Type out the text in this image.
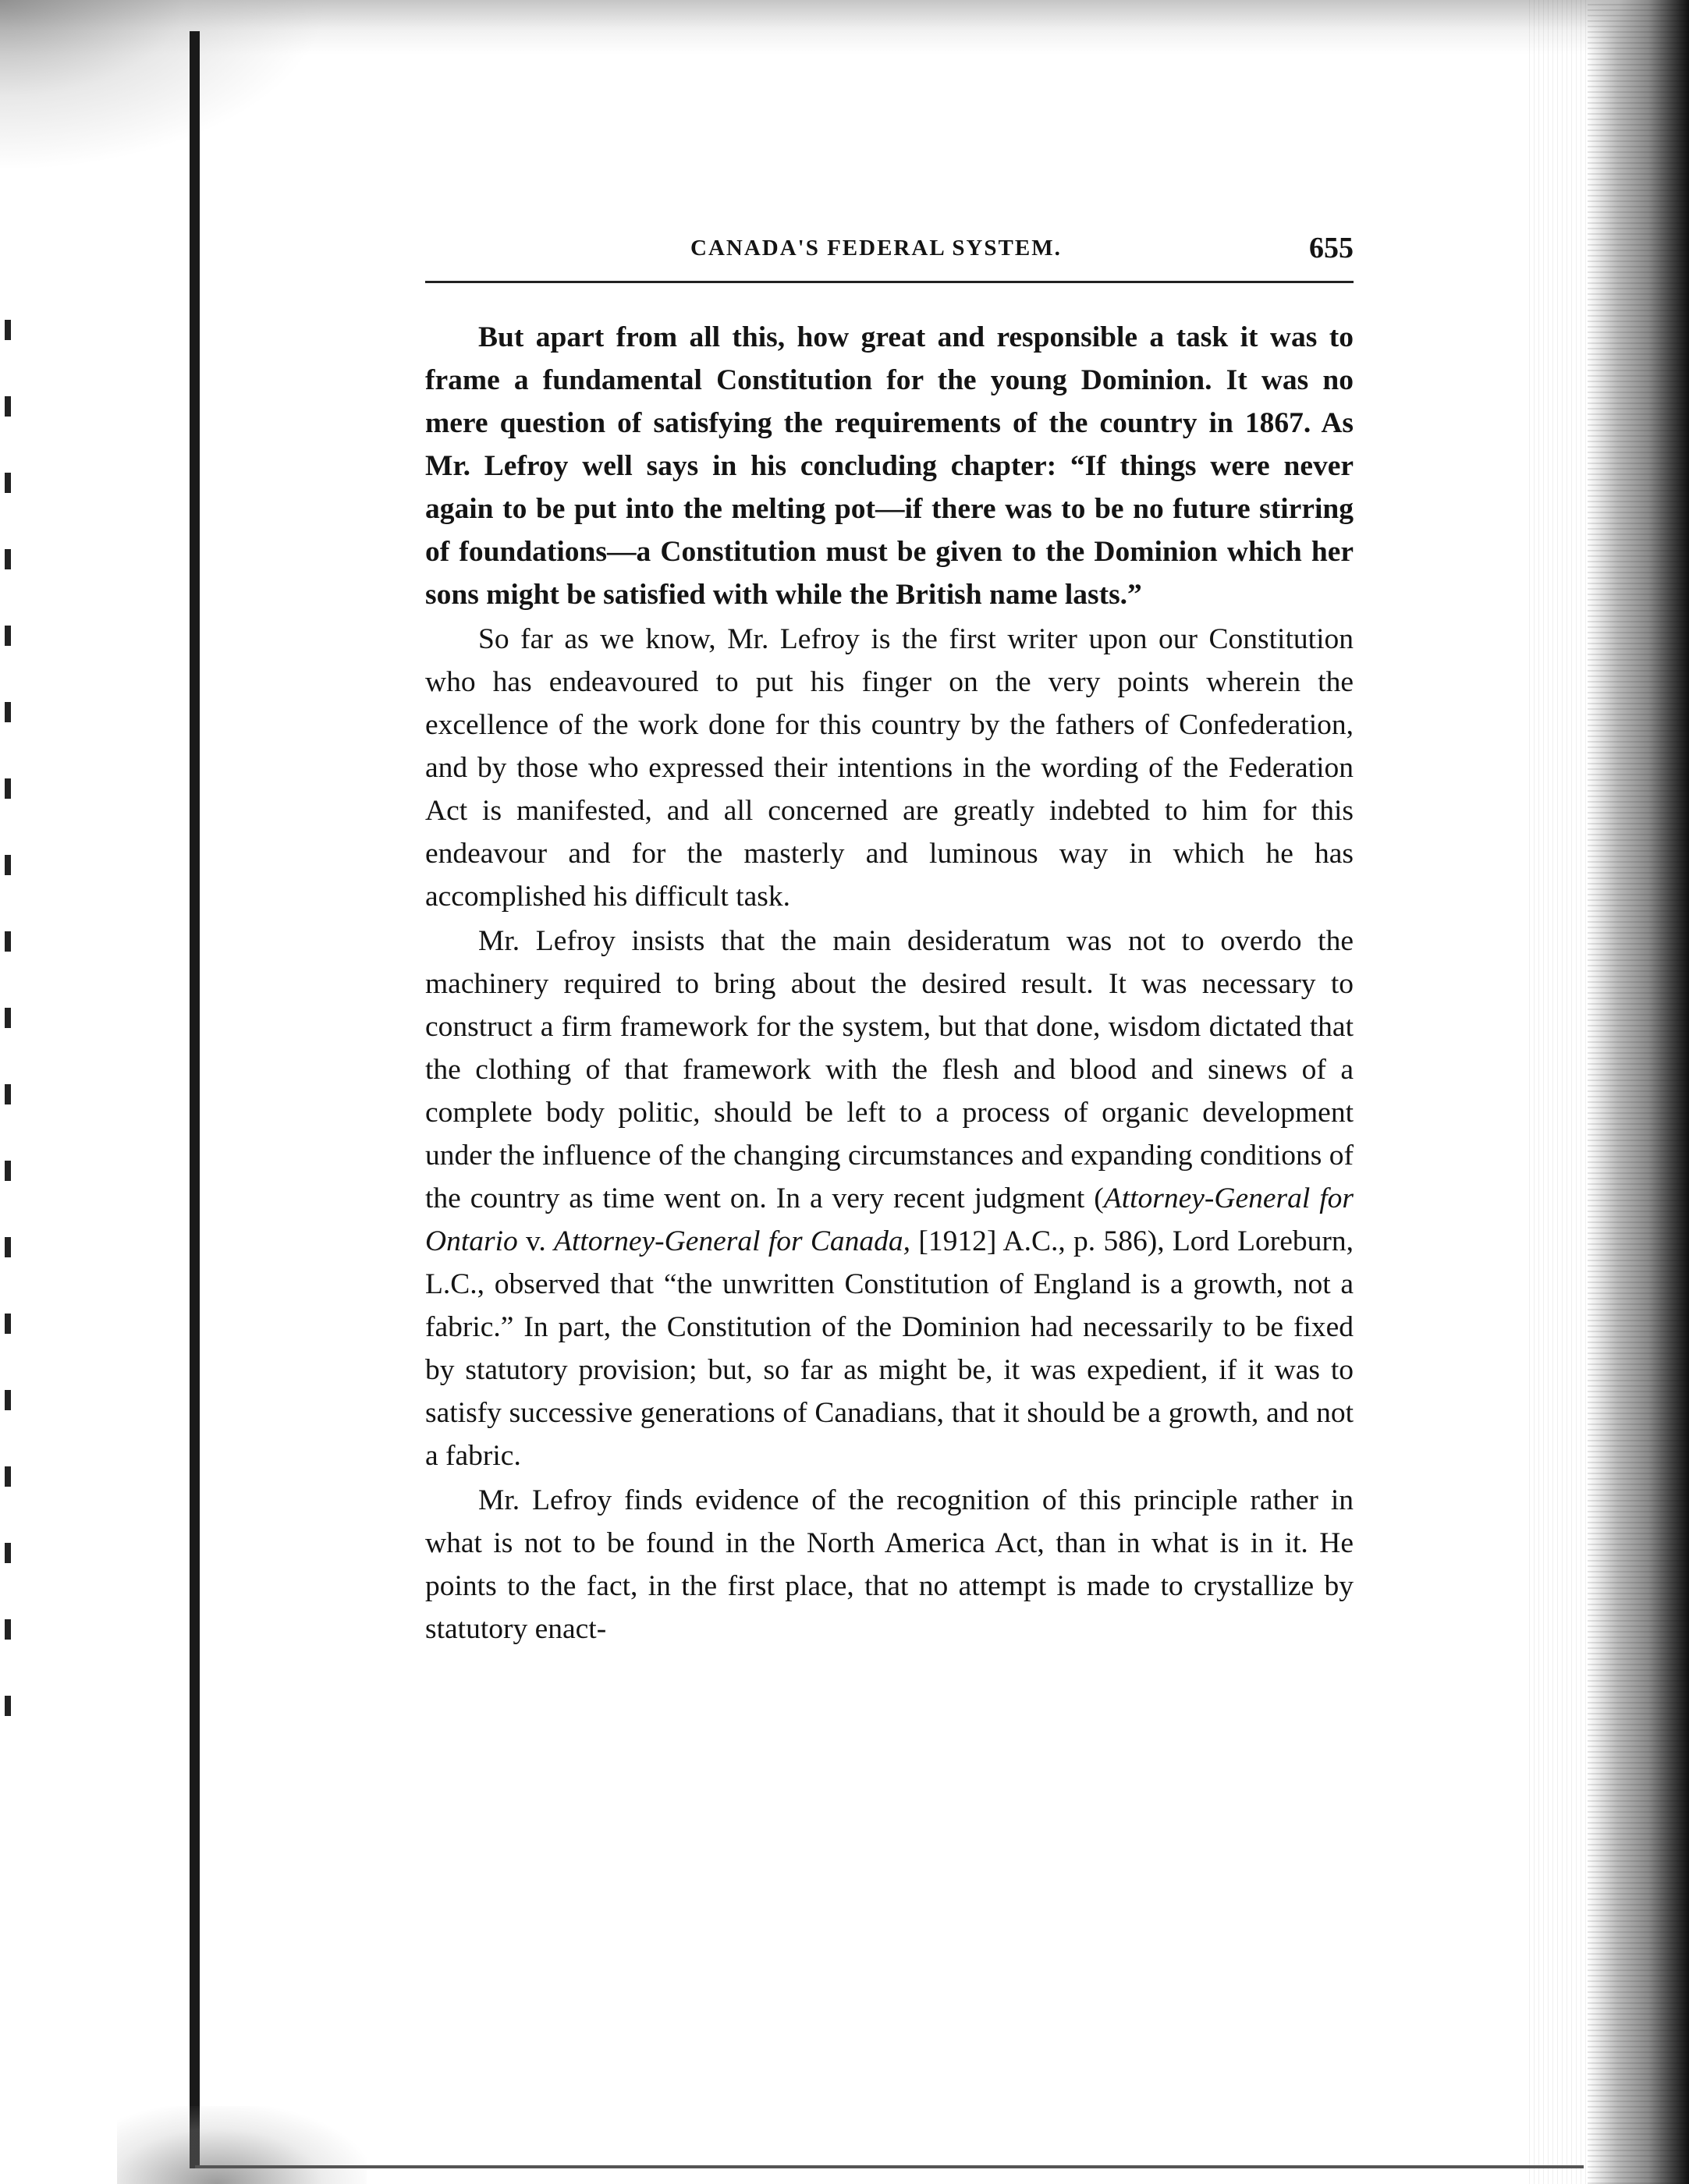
CANADA'S FEDERAL SYSTEM.	655

But apart from all this, how great and responsible a task it was to frame a fundamental Constitution for the young Dominion. It was no mere question of satisfying the requirements of the country in 1867. As Mr. Lefroy well says in his concluding chapter: “If things were never again to be put into the melting pot—if there was to be no future stirring of foundations—a Constitution must be given to the Dominion which her sons might be satisfied with while the British name lasts.”

So far as we know, Mr. Lefroy is the first writer upon our Constitution who has endeavoured to put his finger on the very points wherein the excellence of the work done for this country by the fathers of Confederation, and by those who expressed their intentions in the wording of the Federation Act is manifested, and all concerned are greatly indebted to him for this endeavour and for the masterly and luminous way in which he has accomplished his difficult task.

Mr. Lefroy insists that the main desideratum was not to overdo the machinery required to bring about the desired result. It was necessary to construct a firm framework for the system, but that done, wisdom dictated that the clothing of that framework with the flesh and blood and sinews of a complete body politic, should be left to a process of organic development under the influence of the changing circumstances and expanding conditions of the country as time went on. In a very recent judgment (Attorney-General for Ontario v. Attorney-General for Canada, [1912] A.C., p. 586), Lord Loreburn, L.C., observed that “the unwritten Constitution of England is a growth, not a fabric.” In part, the Constitution of the Dominion had necessarily to be fixed by statutory provision; but, so far as might be, it was expedient, if it was to satisfy successive generations of Canadians, that it should be a growth, and not a fabric.

Mr. Lefroy finds evidence of the recognition of this principle rather in what is not to be found in the North America Act, than in what is in it. He points to the fact, in the first place, that no attempt is made to crystallize by statutory enact-
